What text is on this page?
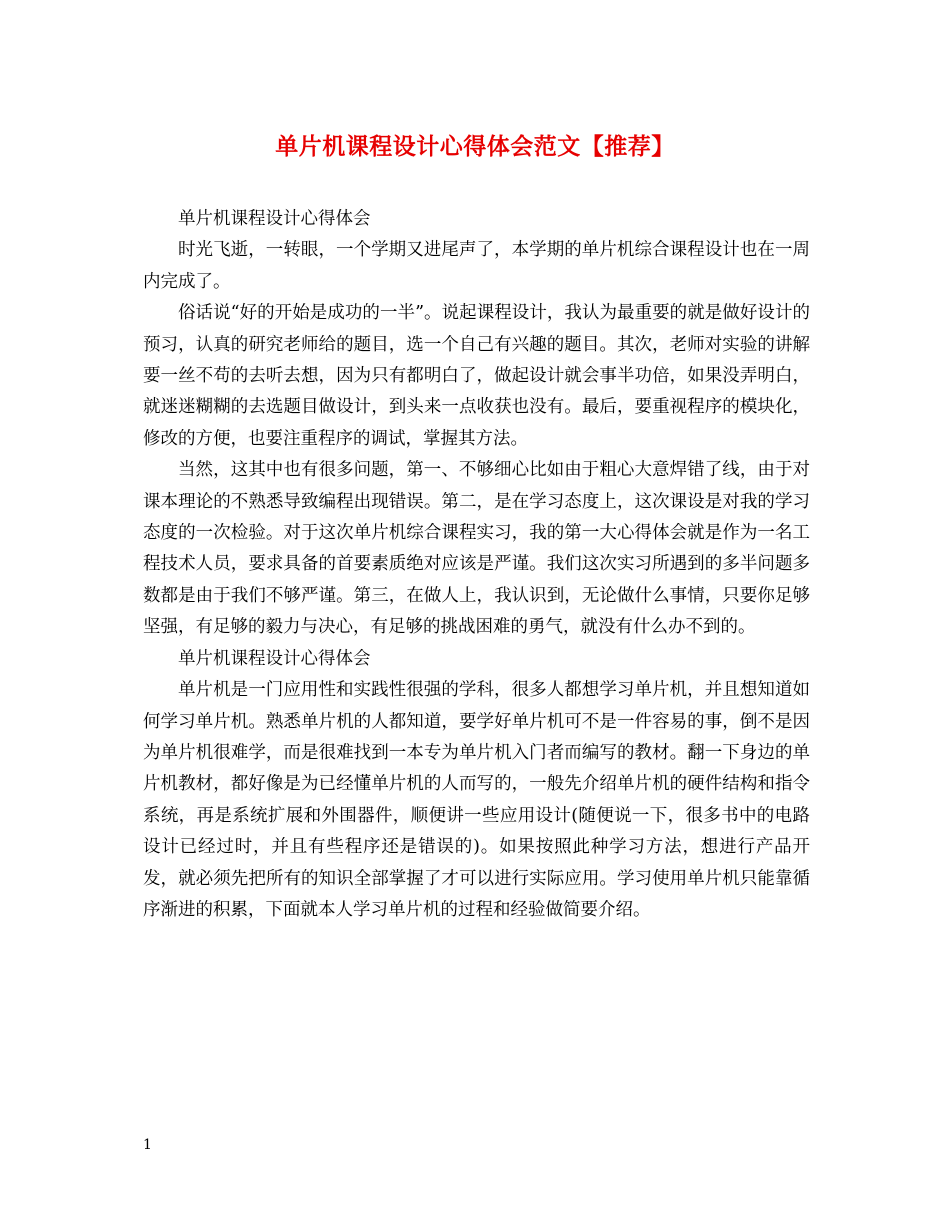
单片机课程设计心得体会范文【推荐】

单片机课程设计心得体会

时光飞逝，一转眼，一个学期又进尾声了，本学期的单片机综合课程设计也在一周内完成了。

俗话说“好的开始是成功的一半”。说起课程设计，我认为最重要的就是做好设计的预习，认真的研究老师给的题目，选一个自己有兴趣的题目。其次，老师对实验的讲解要一丝不苟的去听去想，因为只有都明白了，做起设计就会事半功倍，如果没弄明白，就迷迷糊糊的去选题目做设计，到头来一点收获也没有。最后，要重视程序的模块化，修改的方便，也要注重程序的调试，掌握其方法。

当然，这其中也有很多问题，第一、不够细心比如由于粗心大意焊错了线，由于对课本理论的不熟悉导致编程出现错误。第二，是在学习态度上，这次课设是对我的学习态度的一次检验。对于这次单片机综合课程实习，我的第一大心得体会就是作为一名工程技术人员，要求具备的首要素质绝对应该是严谨。我们这次实习所遇到的多半问题多数都是由于我们不够严谨。第三，在做人上，我认识到，无论做什么事情，只要你足够坚强，有足够的毅力与决心，有足够的挑战困难的勇气，就没有什么办不到的。

单片机课程设计心得体会

单片机是一门应用性和实践性很强的学科，很多人都想学习单片机，并且想知道如何学习单片机。熟悉单片机的人都知道，要学好单片机可不是一件容易的事，倒不是因为单片机很难学，而是很难找到一本专为单片机入门者而编写的教材。翻一下身边的单片机教材，都好像是为已经懂单片机的人而写的，一般先介绍单片机的硬件结构和指令系统，再是系统扩展和外围器件，顺便讲一些应用设计(随便说一下，很多书中的电路设计已经过时，并且有些程序还是错误的)。如果按照此种学习方法，想进行产品开发，就必须先把所有的知识全部掌握了才可以进行实际应用。学习使用单片机只能靠循序渐进的积累，下面就本人学习单片机的过程和经验做简要介绍。

1
